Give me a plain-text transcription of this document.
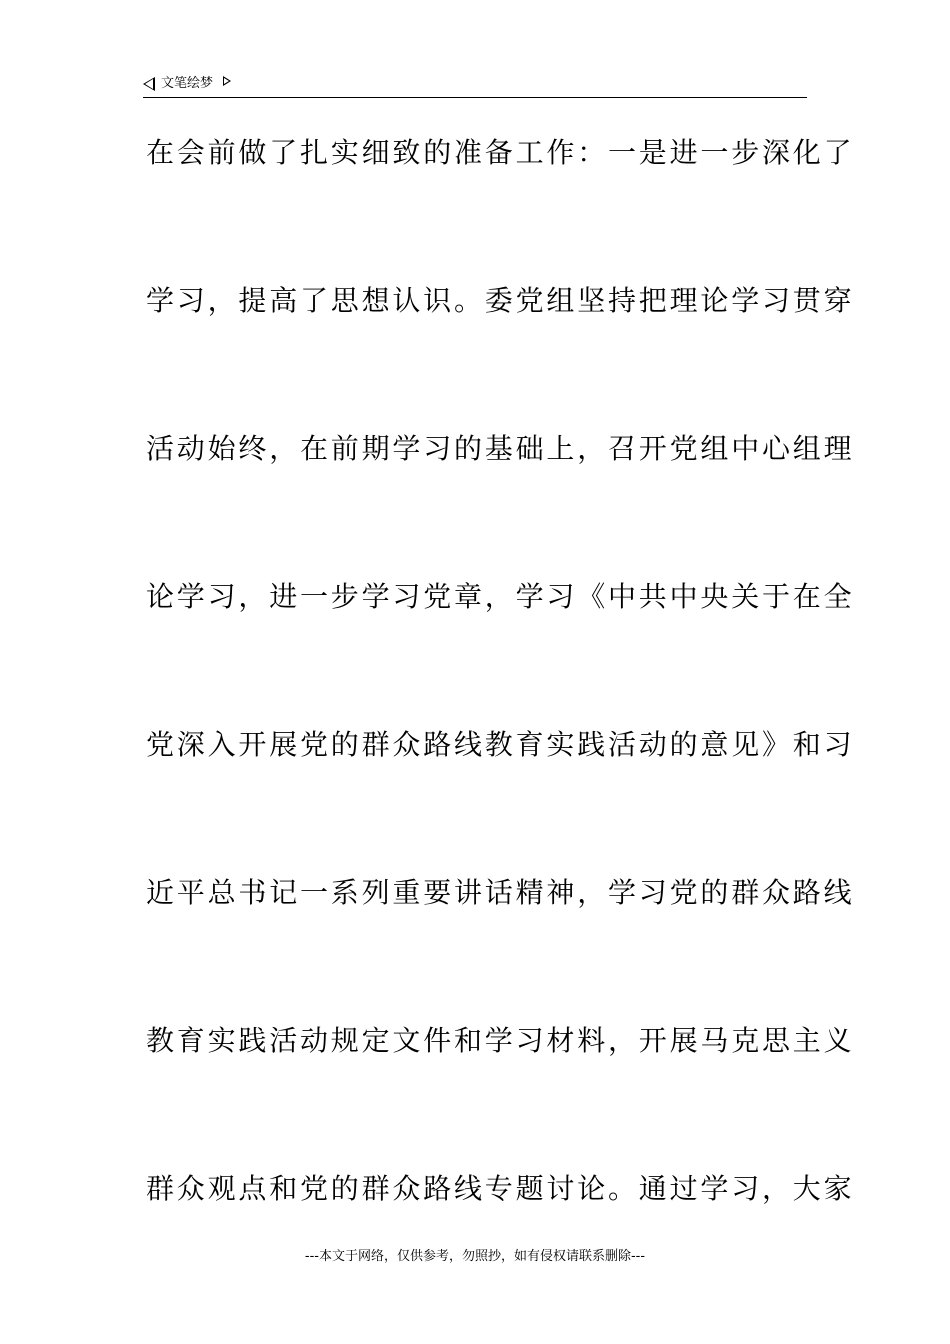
文笔绘梦
在会前做了扎实细致的准备工作：一是进一步深化了
学习，提高了思想认识。委党组坚持把理论学习贯穿
活动始终，在前期学习的基础上，召开党组中心组理
论学习，进一步学习党章，学习《中共中央关于在全
党深入开展党的群众路线教育实践活动的意见》和习
近平总书记一系列重要讲话精神，学习党的群众路线
教育实践活动规定文件和学习材料，开展马克思主义
群众观点和党的群众路线专题讨论。通过学习，大家
---本文于网络，仅供参考，勿照抄，如有侵权请联系删除---
